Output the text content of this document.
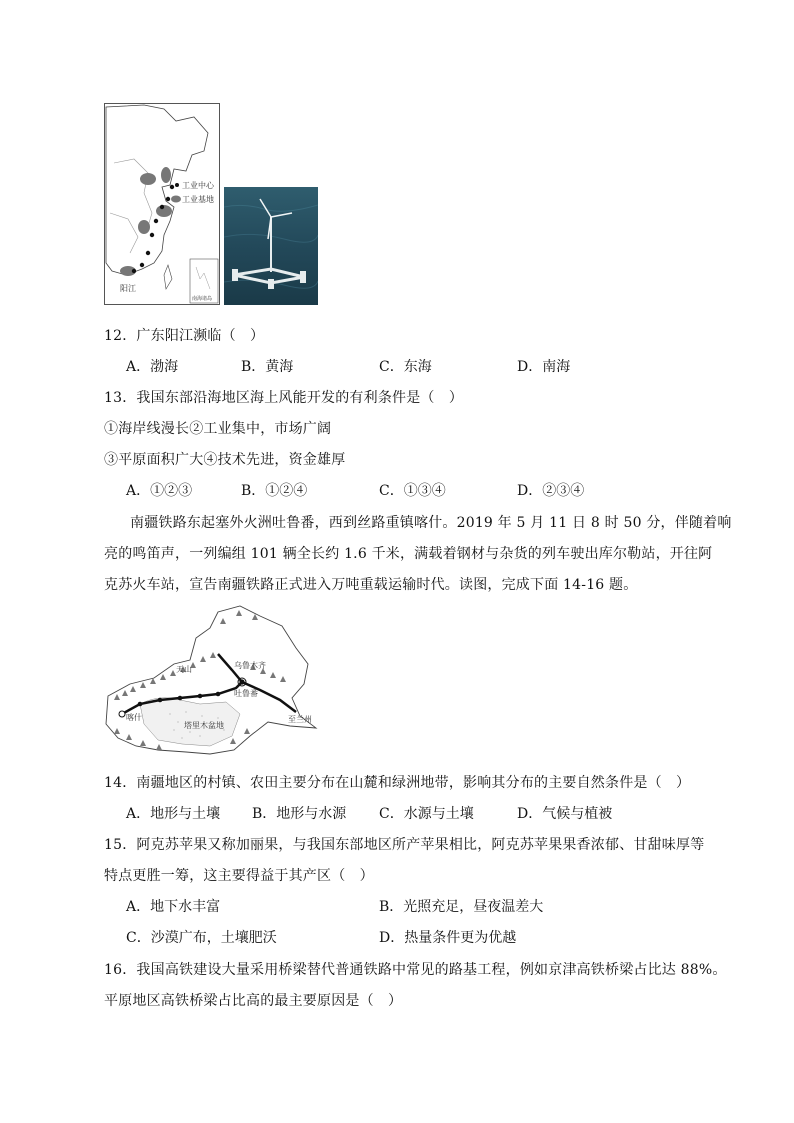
工业中心
工业基地
阳江
南海诸岛
12．广东阳江濒临（　）
A．渤海	B．黄海	C．东海	D．南海
13．我国东部沿海地区海上风能开发的有利条件是（　）
①海岸线漫长②工业集中，市场广阔
③平原面积广大④技术先进，资金雄厚
A．①②③	B．①②④	C．①③④	D．②③④
南疆铁路东起塞外火洲吐鲁番，西到丝路重镇喀什。2019 年 5 月 11 日 8 时 50 分，伴随着响
亮的鸣笛声，一列编组 101 辆全长约 1.6 千米，满载着钢材与杂货的列车驶出库尔勒站，开往阿
克苏火车站，宣告南疆铁路正式进入万吨重载运输时代。读图，完成下面 14-16 题。
天山	乌鲁木齐
吐鲁番
喀什
塔里木盆地
至兰州
14．南疆地区的村镇、农田主要分布在山麓和绿洲地带，影响其分布的主要自然条件是（　）
A．地形与土壤 B．地形与水源 C．水源与土壤	D．气候与植被
15．阿克苏苹果又称加丽果，与我国东部地区所产苹果相比，阿克苏苹果果香浓郁、甘甜味厚等
特点更胜一筹，这主要得益于其产区（　）
A．地下水丰富	B．光照充足，昼夜温差大
C．沙漠广布，土壤肥沃	D．热量条件更为优越
16．我国高铁建设大量采用桥梁替代普通铁路中常见的路基工程，例如京津高铁桥梁占比达 88%。
平原地区高铁桥梁占比高的最主要原因是（　）
